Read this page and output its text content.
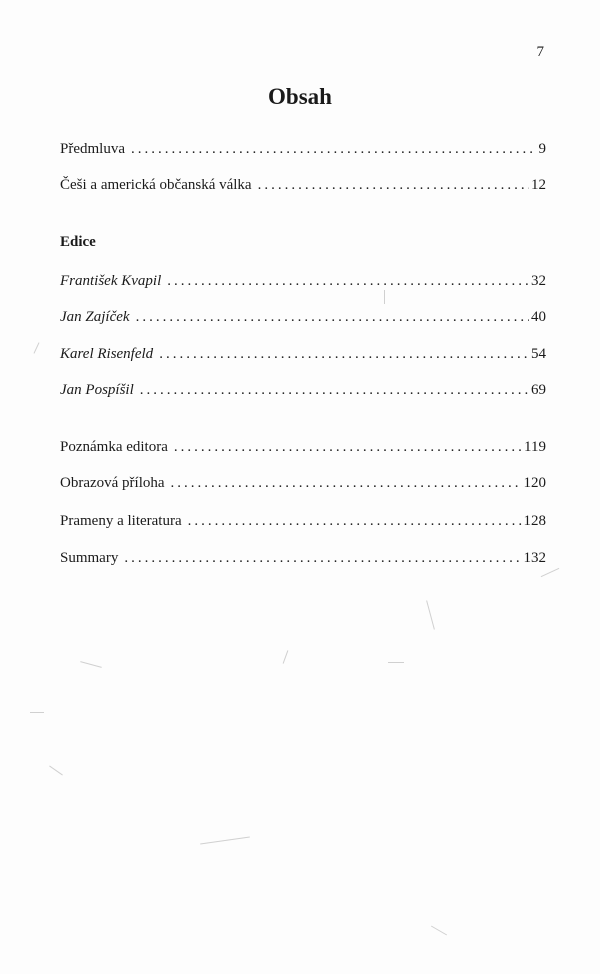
7
Obsah
Předmluva .....	9
Češi a americká občanská válka .....	12
Edice
František Kvapil .....	32
Jan Zajíček .....	40
Karel Risenfeld .....	54
Jan Pospíšil .....	69
Poznámka editora .....	119
Obrazová příloha .....	120
Prameny a literatura .....	128
Summary .....	132
